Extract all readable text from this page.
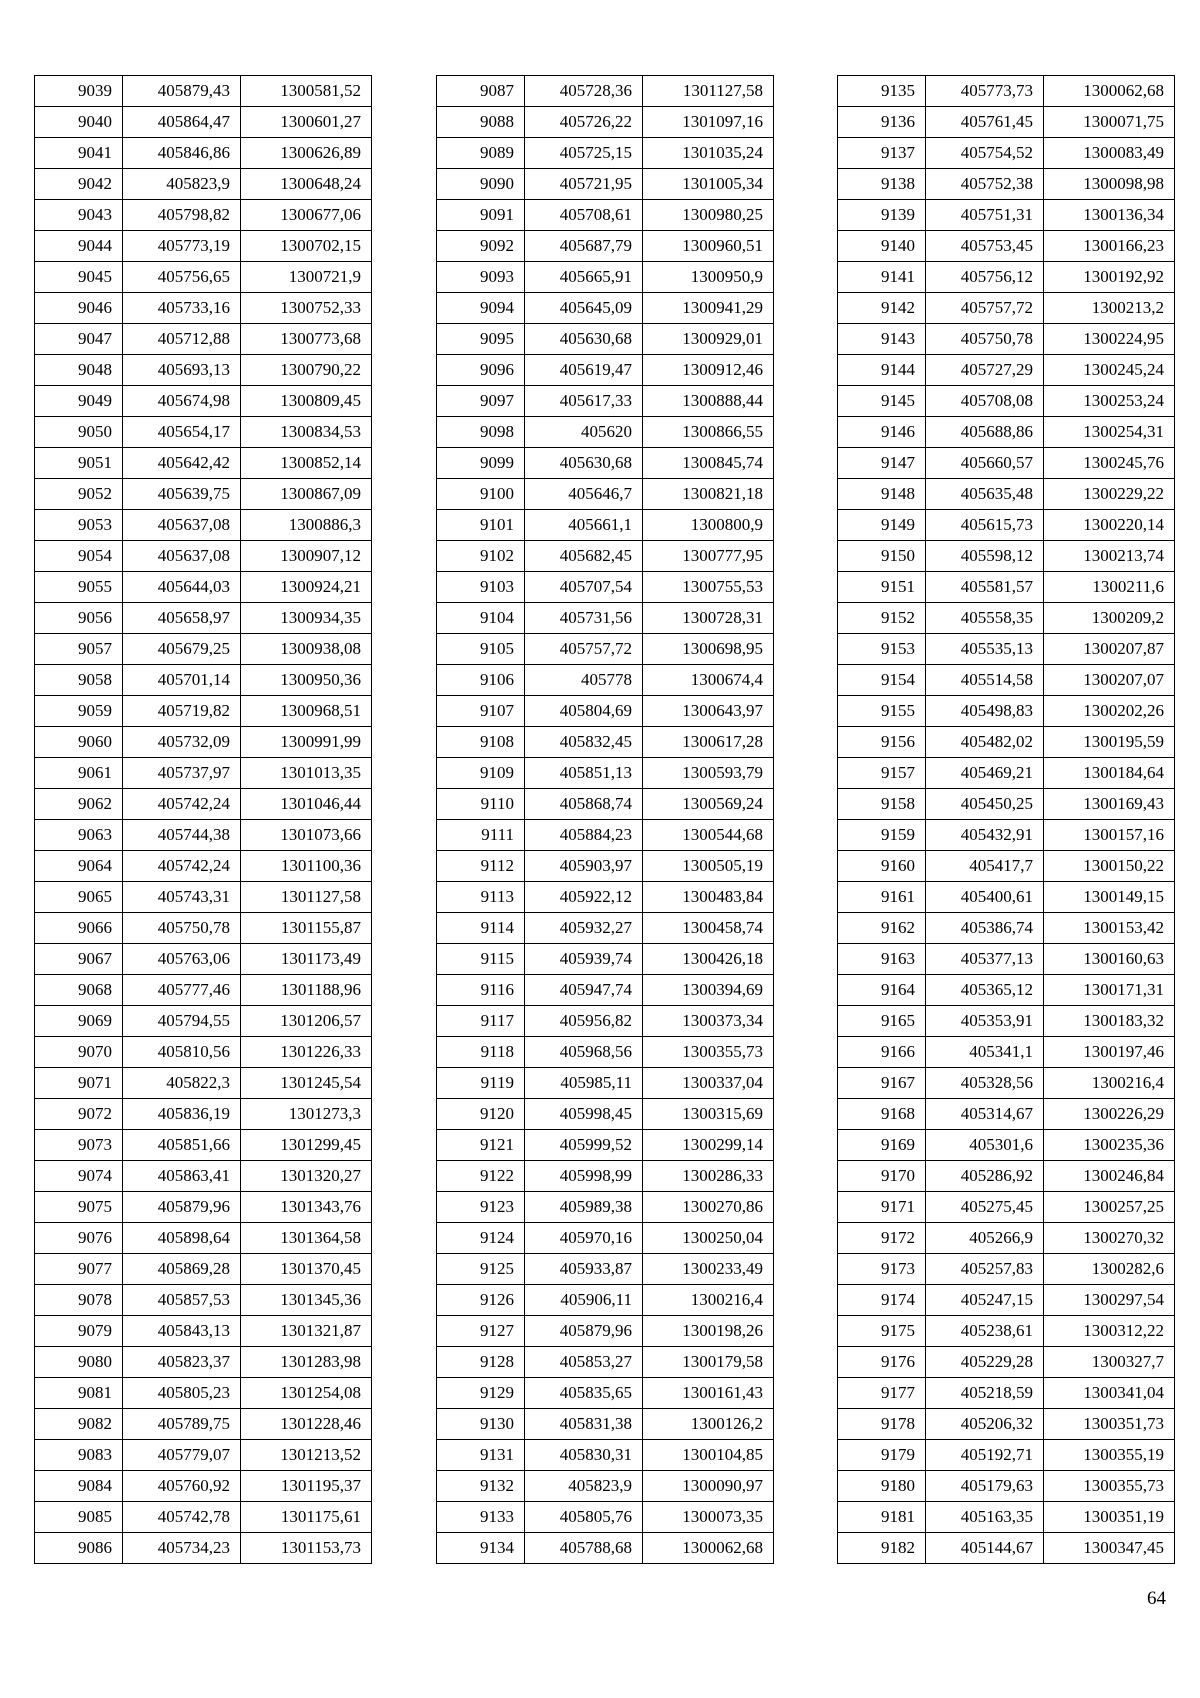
9039	405879,43	1300581,52
9040	405864,47	1300601,27
9041	405846,86	1300626,89
9042	405823,9	1300648,24
9043	405798,82	1300677,06
9044	405773,19	1300702,15
9045	405756,65	1300721,9
9046	405733,16	1300752,33
9047	405712,88	1300773,68
9048	405693,13	1300790,22
9049	405674,98	1300809,45
9050	405654,17	1300834,53
9051	405642,42	1300852,14
9052	405639,75	1300867,09
9053	405637,08	1300886,3
9054	405637,08	1300907,12
9055	405644,03	1300924,21
9056	405658,97	1300934,35
9057	405679,25	1300938,08
9058	405701,14	1300950,36
9059	405719,82	1300968,51
9060	405732,09	1300991,99
9061	405737,97	1301013,35
9062	405742,24	1301046,44
9063	405744,38	1301073,66
9064	405742,24	1301100,36
9065	405743,31	1301127,58
9066	405750,78	1301155,87
9067	405763,06	1301173,49
9068	405777,46	1301188,96
9069	405794,55	1301206,57
9070	405810,56	1301226,33
9071	405822,3	1301245,54
9072	405836,19	1301273,3
9073	405851,66	1301299,45
9074	405863,41	1301320,27
9075	405879,96	1301343,76
9076	405898,64	1301364,58
9077	405869,28	1301370,45
9078	405857,53	1301345,36
9079	405843,13	1301321,87
9080	405823,37	1301283,98
9081	405805,23	1301254,08
9082	405789,75	1301228,46
9083	405779,07	1301213,52
9084	405760,92	1301195,37
9085	405742,78	1301175,61
9086	405734,23	1301153,73
9087	405728,36	1301127,58
9088	405726,22	1301097,16
9089	405725,15	1301035,24
9090	405721,95	1301005,34
9091	405708,61	1300980,25
9092	405687,79	1300960,51
9093	405665,91	1300950,9
9094	405645,09	1300941,29
9095	405630,68	1300929,01
9096	405619,47	1300912,46
9097	405617,33	1300888,44
9098	405620	1300866,55
9099	405630,68	1300845,74
9100	405646,7	1300821,18
9101	405661,1	1300800,9
9102	405682,45	1300777,95
9103	405707,54	1300755,53
9104	405731,56	1300728,31
9105	405757,72	1300698,95
9106	405778	1300674,4
9107	405804,69	1300643,97
9108	405832,45	1300617,28
9109	405851,13	1300593,79
9110	405868,74	1300569,24
9111	405884,23	1300544,68
9112	405903,97	1300505,19
9113	405922,12	1300483,84
9114	405932,27	1300458,74
9115	405939,74	1300426,18
9116	405947,74	1300394,69
9117	405956,82	1300373,34
9118	405968,56	1300355,73
9119	405985,11	1300337,04
9120	405998,45	1300315,69
9121	405999,52	1300299,14
9122	405998,99	1300286,33
9123	405989,38	1300270,86
9124	405970,16	1300250,04
9125	405933,87	1300233,49
9126	405906,11	1300216,4
9127	405879,96	1300198,26
9128	405853,27	1300179,58
9129	405835,65	1300161,43
9130	405831,38	1300126,2
9131	405830,31	1300104,85
9132	405823,9	1300090,97
9133	405805,76	1300073,35
9134	405788,68	1300062,68
9135	405773,73	1300062,68
9136	405761,45	1300071,75
9137	405754,52	1300083,49
9138	405752,38	1300098,98
9139	405751,31	1300136,34
9140	405753,45	1300166,23
9141	405756,12	1300192,92
9142	405757,72	1300213,2
9143	405750,78	1300224,95
9144	405727,29	1300245,24
9145	405708,08	1300253,24
9146	405688,86	1300254,31
9147	405660,57	1300245,76
9148	405635,48	1300229,22
9149	405615,73	1300220,14
9150	405598,12	1300213,74
9151	405581,57	1300211,6
9152	405558,35	1300209,2
9153	405535,13	1300207,87
9154	405514,58	1300207,07
9155	405498,83	1300202,26
9156	405482,02	1300195,59
9157	405469,21	1300184,64
9158	405450,25	1300169,43
9159	405432,91	1300157,16
9160	405417,7	1300150,22
9161	405400,61	1300149,15
9162	405386,74	1300153,42
9163	405377,13	1300160,63
9164	405365,12	1300171,31
9165	405353,91	1300183,32
9166	405341,1	1300197,46
9167	405328,56	1300216,4
9168	405314,67	1300226,29
9169	405301,6	1300235,36
9170	405286,92	1300246,84
9171	405275,45	1300257,25
9172	405266,9	1300270,32
9173	405257,83	1300282,6
9174	405247,15	1300297,54
9175	405238,61	1300312,22
9176	405229,28	1300327,7
9177	405218,59	1300341,04
9178	405206,32	1300351,73
9179	405192,71	1300355,19
9180	405179,63	1300355,73
9181	405163,35	1300351,19
9182	405144,67	1300347,45
64
